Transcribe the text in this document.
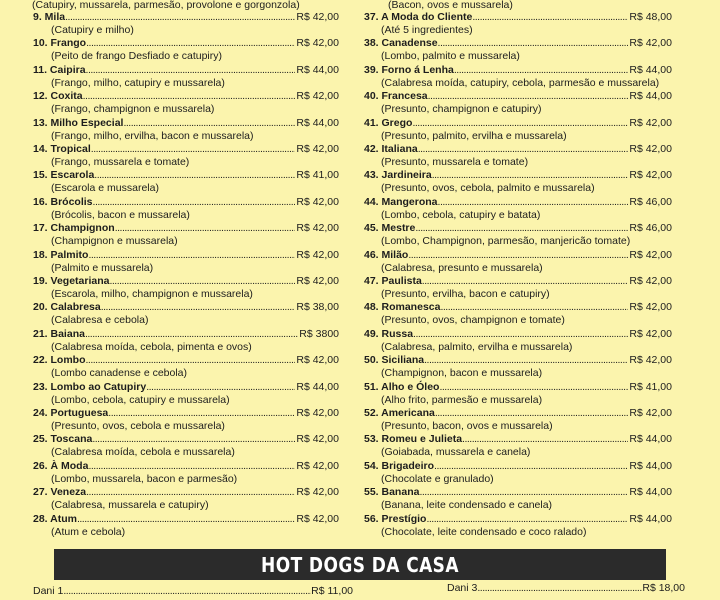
(Catupiry, mussarela, parmesão, provolone e gorgonzola)	(Bacon, ovos e mussarela)
9. Mila .....	R$ 42,00
(Catupiry e milho)
10. Frango .....	R$ 42,00
(Peito de frango Desfiado e catupiry)
11. Caipira .....	R$ 44,00
(Frango, milho, catupiry e mussarela)
12. Coxita .....	R$ 42,00
(Frango, champignon e mussarela)
13. Milho Especial .....	R$ 44,00
(Frango, milho, ervilha, bacon e mussarela)
14. Tropical .....	R$ 42,00
(Frango, mussarela e tomate)
15. Escarola .....	R$ 41,00
(Escarola e mussarela)
16. Brócolis .....	R$ 42,00
(Brócolis, bacon e mussarela)
17. Champignon .....	R$ 42,00
(Champignon e mussarela)
18. Palmito .....	R$ 42,00
(Palmito e mussarela)
19. Vegetariana .....	R$ 42,00
(Escarola, milho, champignon e mussarela)
20. Calabresa .....	R$ 38,00
(Calabresa e cebola)
21. Baiana .....	R$ 3800
(Calabresa moída, cebola, pimenta e ovos)
22. Lombo .....	R$ 42,00
(Lombo canadense e cebola)
23. Lombo ao Catupiry .....	R$ 44,00
(Lombo, cebola, catupiry e mussarela)
24. Portuguesa .....	R$ 42,00
(Presunto, ovos, cebola e mussarela)
25. Toscana .....	R$ 42,00
(Calabresa moída, cebola e mussarela)
26. À Moda .....	R$ 42,00
(Lombo, mussarela, bacon e parmesão)
27. Veneza .....	R$ 42,00
(Calabresa, mussarela e catupiry)
28. Atum .....	R$ 42,00
(Atum e cebola)
37. A Moda do Cliente .....	R$ 48,00
(Até 5 ingredientes)
38. Canadense .....	R$ 42,00
(Lombo, palmito e mussarela)
39. Forno á Lenha .....	R$ 44,00
(Calabresa moída, catupiry, cebola, parmesão e mussarela)
40. Francesa .....	R$ 44,00
(Presunto, champignon e catupiry)
41. Grego .....	R$ 42,00
(Presunto, palmito, ervilha e mussarela)
42. Italiana .....	R$ 42,00
(Presunto, mussarela e tomate)
43. Jardineira .....	R$ 42,00
(Presunto, ovos, cebola, palmito e mussarela)
44. Mangerona .....	R$ 46,00
(Lombo, cebola, catupiry e batata)
45. Mestre .....	R$ 46,00
(Lombo, Champignon, parmesão, manjericão tomate)
46. Milão .....	R$ 42,00
(Calabresa, presunto e mussarela)
47. Paulista .....	R$ 42,00
(Presunto, ervilha, bacon e catupiry)
48. Romanesca .....	R$ 42,00
(Presunto, ovos, champignon e tomate)
49. Russa .....	R$ 42,00
(Calabresa, palmito, ervilha e mussarela)
50. Siciliana .....	R$ 42,00
(Champignon, bacon e mussarela)
51. Alho e Óleo .....	R$ 41,00
(Alho frito, parmesão e mussarela)
52. Americana .....	R$ 42,00
(Presunto, bacon, ovos e mussarela)
53. Romeu e Julieta .....	R$ 44,00
(Goiabada, mussarela e canela)
54. Brigadeiro .....	R$ 44,00
(Chocolate e granulado)
55. Banana .....	R$ 44,00
(Banana, leite condensado e canela)
56. Prestígio .....	R$ 44,00
(Chocolate, leite condensado e coco ralado)
HOT DOGS DA CASA
Dani 1 .....	R$ 11,00	Dani 3 .....	R$ 18,00
